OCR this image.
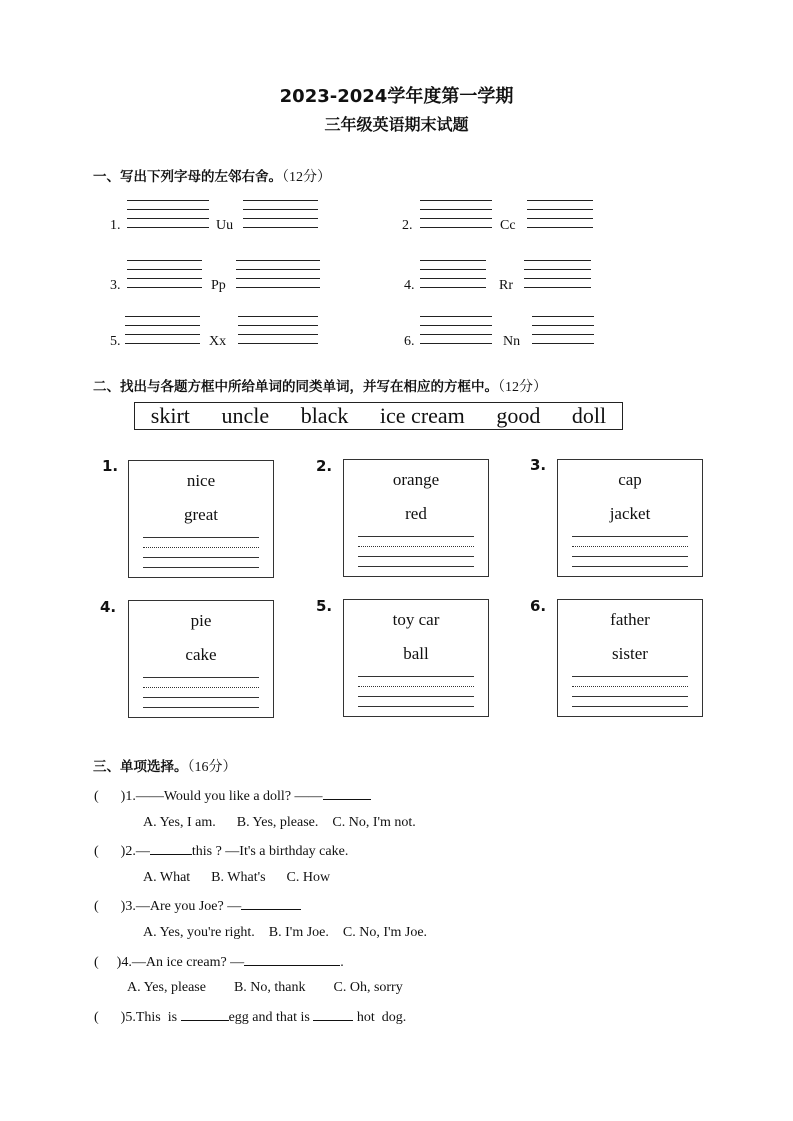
2023-2024学年度第一学期
三年级英语期末试题
一、写出下列字母的左邻右舍。（12分）
1.	Uu	2.	Cc
3.	Pp	4.	Rr
5.	Xx	6.	Nn
二、找出与各题方框中所给单词的同类单词，并写在相应的方框中。（12分）
skirt uncle black ice cream good doll
1.
nice
great
2.
orange
red
3.
cap
jacket
4.
pie
cake
5.
toy car
ball
6.
father
sister
三、单项选择。（16分）
( )1.——Would you like a doll? ——
A. Yes, I am.      B. Yes, please.    C. No, I'm not.
( )2.—	this ? —It's a birthday cake.
A. What      B. What's      C. How
( )3.—Are you Joe? —
A. Yes, you're right.    B. I'm Joe.    C. No, I'm Joe.
( )4.—An ice cream? —	.
A. Yes, please        B. No, thank        C. Oh, sorry
( )5.This  is	egg and that is	hot  dog.
